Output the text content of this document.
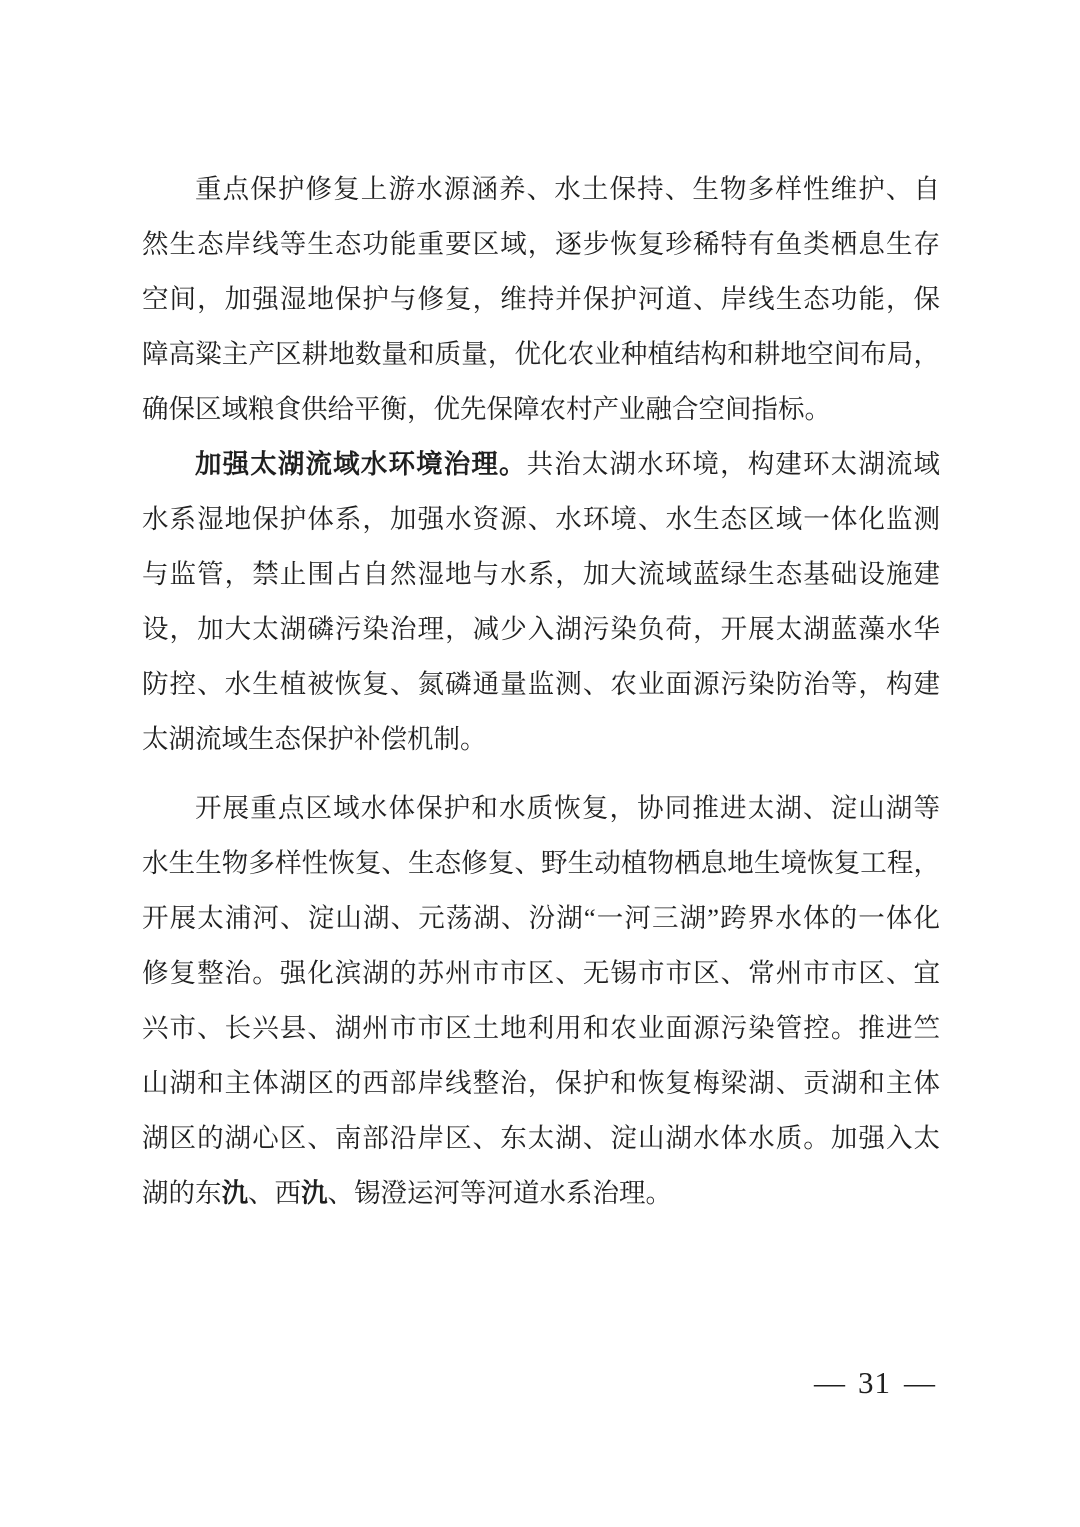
重点保护修复上游水源涵养、水土保持、生物多样性维护、自
然生态岸线等生态功能重要区域，逐步恢复珍稀特有鱼类栖息生存
空间，加强湿地保护与修复，维持并保护河道、岸线生态功能，保
障高粱主产区耕地数量和质量，优化农业种植结构和耕地空间布局，
确保区域粮食供给平衡，优先保障农村产业融合空间指标。
加强太湖流域水环境治理。共治太湖水环境，构建环太湖流域
水系湿地保护体系，加强水资源、水环境、水生态区域一体化监测
与监管，禁止围占自然湿地与水系，加大流域蓝绿生态基础设施建
设，加大太湖磷污染治理，减少入湖污染负荷，开展太湖蓝藻水华
防控、水生植被恢复、氮磷通量监测、农业面源污染防治等，构建
太湖流域生态保护补偿机制。
开展重点区域水体保护和水质恢复，协同推进太湖、淀山湖等
水生生物多样性恢复、生态修复、野生动植物栖息地生境恢复工程，
开展太浦河、淀山湖、元荡湖、汾湖“一河三湖”跨界水体的一体化
修复整治。强化滨湖的苏州市市区、无锡市市区、常州市市区、宜
兴市、长兴县、湖州市市区土地利用和农业面源污染管控。推进竺
山湖和主体湖区的西部岸线整治，保护和恢复梅梁湖、贡湖和主体
湖区的湖心区、南部沿岸区、东太湖、淀山湖水体水质。加强入太
湖的东氿、西氿、锡澄运河等河道水系治理。
— 31 —
